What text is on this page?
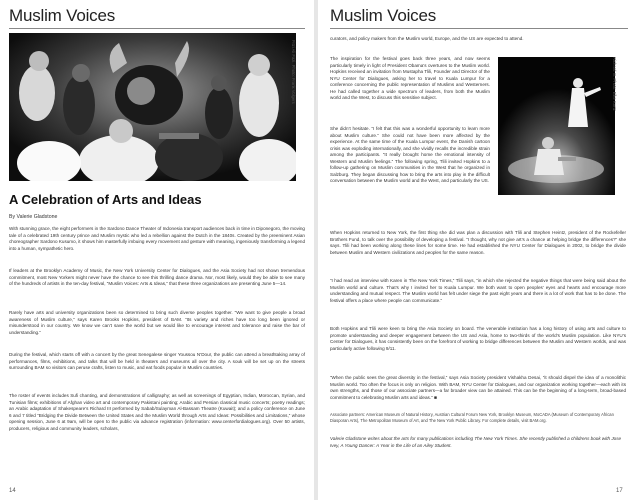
Muslim Voices
Fitzi Ali Fazi. Photo: Frank Volgers
A Celebration of Arts and Ideas

By Valerie Gladstone

With stunning grace, the eight performers in the Sardono Dance Theater of Indonesia transport audiences back in time in Diponegoro, the moving tale of a celebrated 19th century prince and Muslim mystic who led a rebellion against the Dutch in the 1840s. Created by the preeminent Asian choreographer Sardono Kusumo, it shows him masterfully imbuing every movement and gesture with meaning, ingeniously transforming a legend into a human, sympathetic hero.

If leaders at the Brooklyn Academy of Music, the New York University Center for Dialogues, and the Asia Society had not shown tremendous commitment, most New Yorkers might never have the chance to see this thrilling dance drama. Nor, most likely, would they be able to see many of the hundreds of artists in the ten-day festival, “Muslim Voices: Arts & Ideas,” that these three organizations are presenting June 5—14.

Rarely have arts and university organizations been so determined to bring such diverse peoples together. “We want to give people a broad awareness of Muslim culture,” says Karen Brooks Hopkins, president of BAM. “Its variety and riches have too long been ignored or misunderstood in our country. We know we can’t save the world but we would like to encourage interest and tolerance and raise the bar of understanding.”

During the festival, which starts off with a concert by the great Senegalese singer Youssou N’Dour, the public can attend a breathtaking array of performances, films, exhibitions, and talks that will be held in theaters and museums all over the city. A souk will be set up on the streets surrounding BAM so visitors can peruse crafts, listen to music, and eat foods popular in Muslim countries.

The roster of events includes Sufi chanting, and demonstrations of calligraphy; as well as screenings of Egyptian, Indian, Moroccan, Syrian, and Tunisian films; exhibitions of Afghan video art and contemporary Pakistani painting; Arabic and Persian classical music concerts; poetry readings; an Arabic adaptation of Shakespeare’s Richard III performed by Sabab/Sulayman Al-Bassam Theatre (Kuwait); and a policy conference on June 6 and 7 titled “Bridging the Divide Between the United States and the Muslim World through Arts and Ideas: Possibilities and Limitations,” whose opening session, June 6 at 9am, will be open to the public via advance registration (information: www.centerfordialogues.org). Over 50 artists, producers, religious and community leaders, scholars,

14
Muslim Voices
Richard III. Photo: Elke Kurtz

curators, and policy makers from the Muslim world, Europe, and the US are expected to attend.

The inspiration for the festival goes back three years, and now seems particularly timely in light of President Obama’s overtures to the Muslim world. Hopkins received an invitation from Mustapha Tlili, Founder and Director of the NYU Center for Dialogues, asking her to travel to Kuala Lumpur for a conference concerning the public representation of Muslims and Westerners. He had called together a wide spectrum of leaders, from both the Muslim world and the West, to discuss this sensitive subject.

She didn’t hesitate. “I felt that this was a wonderful opportunity to learn more about Muslim culture.” She could not have been more affected by the experience. At the same time of the Kuala Lumpur event, the Danish cartoon crisis was exploding internationally, and she vividly recalls the incredible strain among the participants. “It really brought home the emotional intensity of Western and Muslim feelings.” The following spring, Tlili invited Hopkins to a follow-up gathering on Muslim communities in the West that he organized in Salzburg. They began discussing how to bring the arts into play in the difficult conversation between the Muslim world and the West, and particularly the US.

When Hopkins returned to New York, the first thing she did was plan a discussion with Tlili and Stephen Heintz, president of the Rockefeller Brothers Fund, to talk over the possibility of developing a festival. “I thought, why not give art’s a chance at helping bridge the differences?” she says. Tlili had been working along these lines for some time. He had established the NYU Center for Dialogues in 2002, to bridge the divide between Muslim and Western civilizations and peoples for the same reason.

“I had read an interview with Karen in The New York Times,” Tlili says, “in which she rejected the negative things that were being said about the Muslim world and culture. That’s why I invited her to Kuala Lumpur. We both want to open peoples’ eyes and hearts and encourage more understanding and mutual respect. The Muslim world has felt under siege the past eight years and there is a lot of work that has to be done. The festival offers a place where people can communicate.”

Both Hopkins and Tlili were keen to bring the Asia Society on board. The venerable institution has a long history of using arts and culture to promote understanding and deeper engagement between the US and Asia, home to two-thirds of the world’s Muslim population. Like NYU’s Center for Dialogues, it has consistently been on the forefront of working to bridge differences between the Muslim and Western worlds, and was particularly active following 9/11.

“When the public sees the great diversity in the festival,” says Asia Society president Vishakha Desai, “it should dispel the idea of a monolithic Muslim world. Too often the focus is only on religion. With BAM, NYU Center for Dialogues, and our organization working together—each with its own strengths, and those of our associate partners—a far broader view can be attained. This can be the beginning of a long-term, broad-based commitment to celebrating Muslim arts and ideas.” ■

Associate partners: American Museum of Natural History, Austrian Cultural Forum New York, Brooklyn Museum, MoCADA (Museum of Contemporary African Diasporan Arts), The Metropolitan Museum of Art, and The New York Public Library. For complete details, visit BAM.org.

Valerie Gladstone writes about the arts for many publications including The New York Times. She recently published a childrens book with Jose Ivey, A Young Dancer: A Year in the Life of an Ailey Student.

17
